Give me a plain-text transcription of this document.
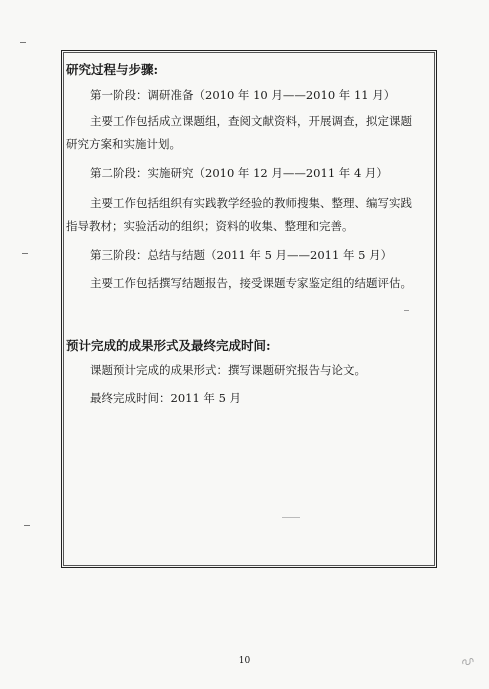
研究过程与步骤:
第一阶段：调研准备（2010 年 10 月——2010 年 11 月）
主要工作包括成立课题组，查阅文献资料，开展调查，拟定课题
研究方案和实施计划。
第二阶段：实施研究（2010 年 12 月——2011 年 4 月）
主要工作包括组织有实践教学经验的教师搜集、整理、编写实践
指导教材；实验活动的组织；资料的收集、整理和完善。
第三阶段：总结与结题（2011 年 5 月——2011 年 5 月）
主要工作包括撰写结题报告，接受课题专家鉴定组的结题评估。
预计完成的成果形式及最终完成时间:
课题预计完成的成果形式：撰写课题研究报告与论文。
最终完成时间：2011 年 5 月
10
